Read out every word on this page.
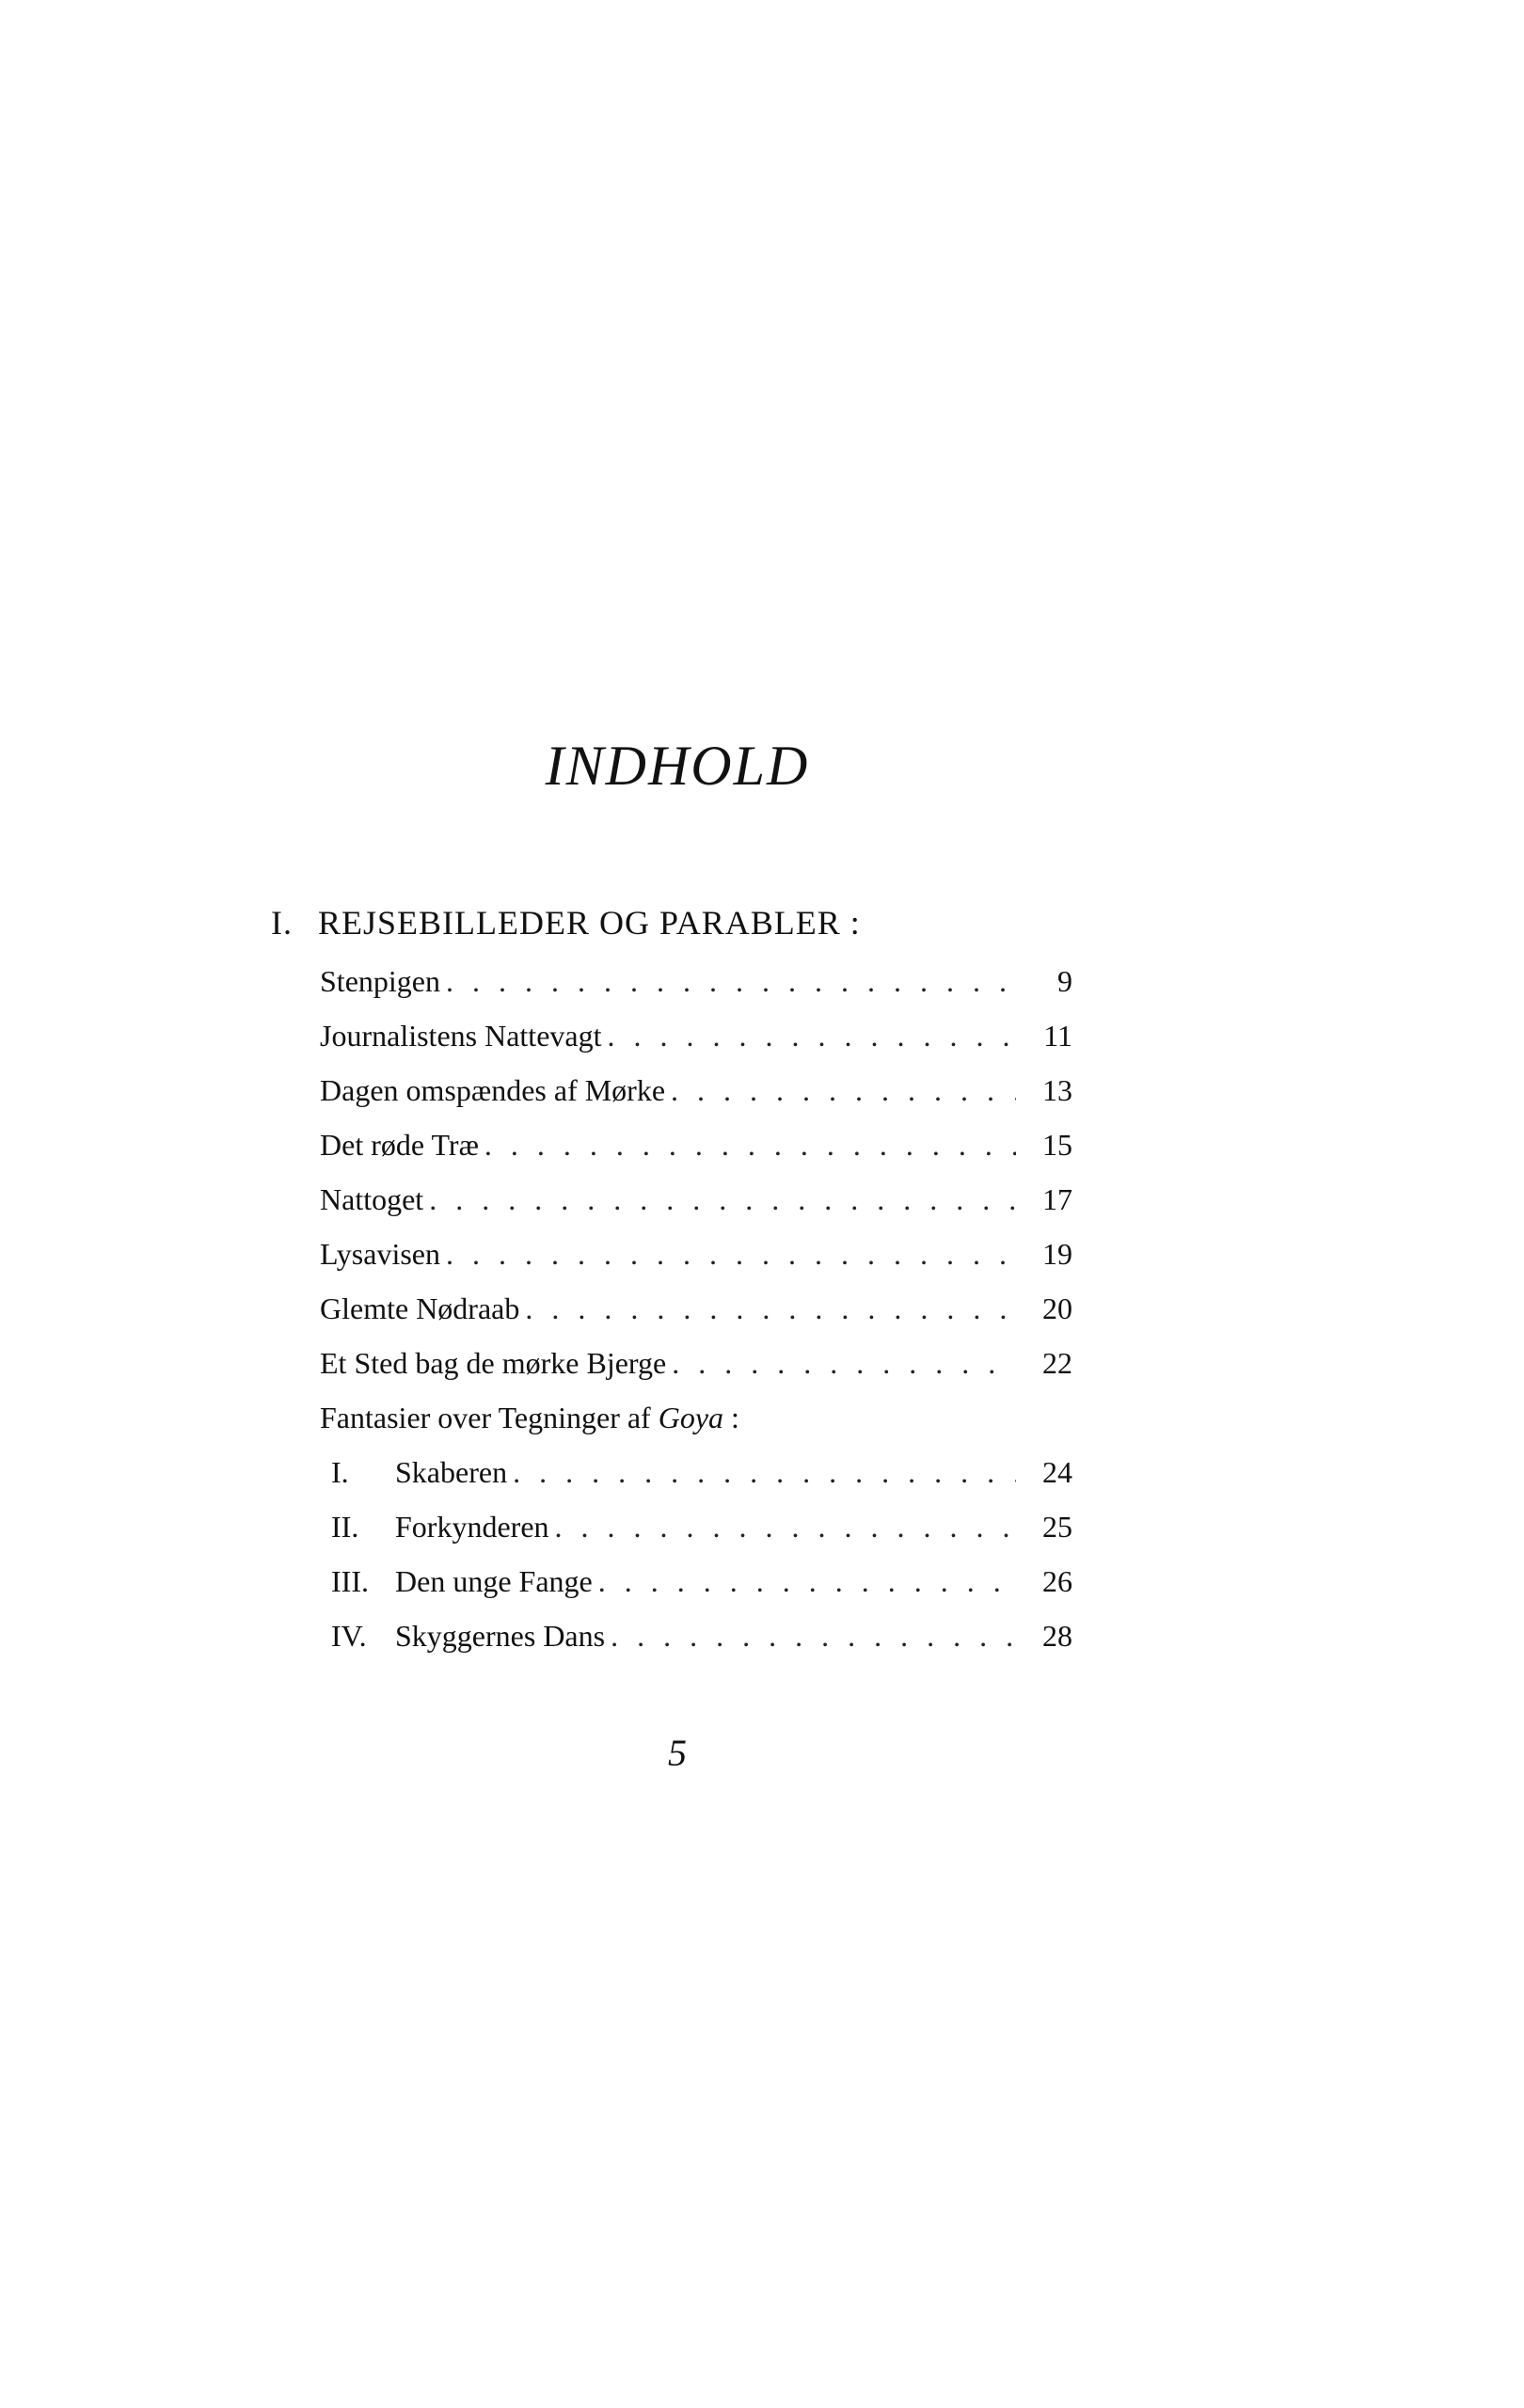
INDHOLD
I. REJSEBILLEDER OG PARABLER :
Stenpigen . . .	9
Journalistens Nattevagt . . .	11
Dagen omspændes af Mørke . . .	13
Det røde Træ . . .	15
Nattoget . . .	17
Lysavisen . . .	19
Glemte Nødraab . . .	20
Et Sted bag de mørke Bjerge . . .	22
Fantasier over Tegninger af Goya :
I. Skaberen . . .	24
II. Forkynderen . . .	25
III. Den unge Fange . . .	26
IV. Skyggernes Dans . . .	28
5
